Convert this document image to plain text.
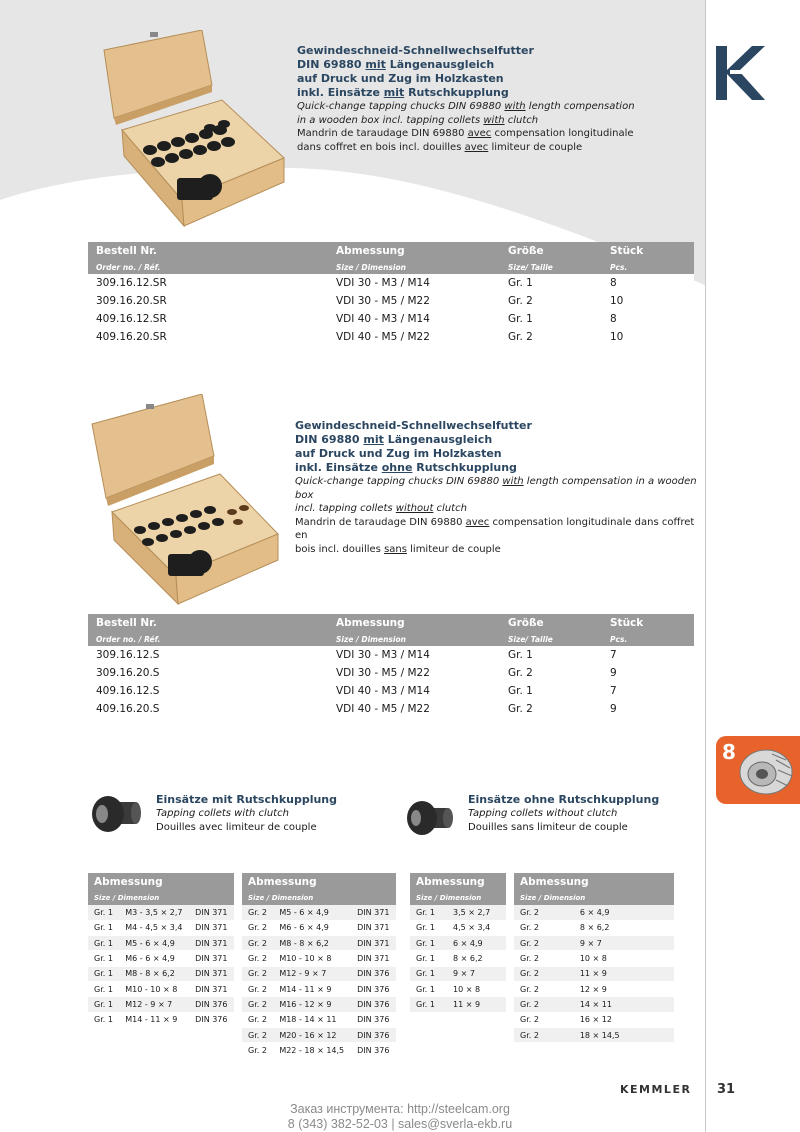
Gewindeschneid-Schnellwechselfutter
DIN 69880 mit Längenausgleich
auf Druck und Zug im Holzkasten
inkl. Einsätze mit Rutschkupplung
Quick-change tapping chucks DIN 69880 with length compensation
in a wooden box incl. tapping collets with clutch
Mandrin de taraudage DIN 69880 avec compensation longitudinale
dans coffret en bois incl. douilles avec limiteur de couple
Bestell Nr.	Abmessung	Größe	Stück
Order no. / Réf.	Size / Dimension	Size/ Taille	Pcs.
309.16.12.SR	VDI 30 - M3 / M14	Gr. 1	8
309.16.20.SR	VDI 30 - M5 / M22	Gr. 2	10
409.16.12.SR	VDI 40 - M3 / M14	Gr. 1	8
409.16.20.SR	VDI 40 - M5 / M22	Gr. 2	10
Gewindeschneid-Schnellwechselfutter
DIN 69880 mit Längenausgleich
auf Druck und Zug im Holzkasten
inkl. Einsätze ohne Rutschkupplung
Quick-change tapping chucks DIN 69880 with length compensation in a wooden box
incl. tapping collets without clutch
Mandrin de taraudage DIN 69880 avec compensation longitudinale dans coffret en
bois incl. douilles sans limiteur de couple
Bestell Nr.	Abmessung	Größe	Stück
Order no. / Réf.	Size / Dimension	Size/ Taille	Pcs.
309.16.12.S	VDI 30 - M3 / M14	Gr. 1	7
309.16.20.S	VDI 30 - M5 / M22	Gr. 2	9
409.16.12.S	VDI 40 - M3 / M14	Gr. 1	7
409.16.20.S	VDI 40 - M5 / M22	Gr. 2	9
8
Einsätze mit Rutschkupplung
Tapping collets with clutch
Douilles avec limiteur de couple
Einsätze ohne Rutschkupplung
Tapping collets without clutch
Douilles sans limiteur de couple
Abmessung		
Size / Dimension		
Gr. 1	M3 - 3,5 × 2,7	DIN 371
Gr. 1	M4 - 4,5 × 3,4	DIN 371
Gr. 1	M5 - 6 × 4,9	DIN 371
Gr. 1	M6 - 6 × 4,9	DIN 371
Gr. 1	M8 - 8 × 6,2	DIN 371
Gr. 1	M10 - 10 × 8	DIN 371
Gr. 1	M12 - 9 × 7	DIN 376
Gr. 1	M14 - 11 × 9	DIN 376
Abmessung		
Size / Dimension		
Gr. 2	M5 - 6 × 4,9	DIN 371
Gr. 2	M6 - 6 × 4,9	DIN 371
Gr. 2	M8 - 8 × 6,2	DIN 371
Gr. 2	M10 - 10 × 8	DIN 371
Gr. 2	M12 - 9 × 7	DIN 376
Gr. 2	M14 - 11 × 9	DIN 376
Gr. 2	M16 - 12 × 9	DIN 376
Gr. 2	M18 - 14 × 11	DIN 376
Gr. 2	M20 - 16 × 12	DIN 376
Gr. 2	M22 - 18 × 14,5	DIN 376
Abmessung	
Size / Dimension	
Gr. 1	3,5 × 2,7
Gr. 1	4,5 × 3,4
Gr. 1	6 × 4,9
Gr. 1	8 × 6,2
Gr. 1	9 × 7
Gr. 1	10 × 8
Gr. 1	11 × 9
Abmessung	
Size / Dimension	
Gr. 2	6 × 4,9
Gr. 2	8 × 6,2
Gr. 2	9 × 7
Gr. 2	10 × 8
Gr. 2	11 × 9
Gr. 2	12 × 9
Gr. 2	14 × 11
Gr. 2	16 × 12
Gr. 2	18 × 14,5
KEMMLER 31
Заказ инструмента: http://steelcam.org
8 (343) 382-52-03 | sales@sverla-ekb.ru
